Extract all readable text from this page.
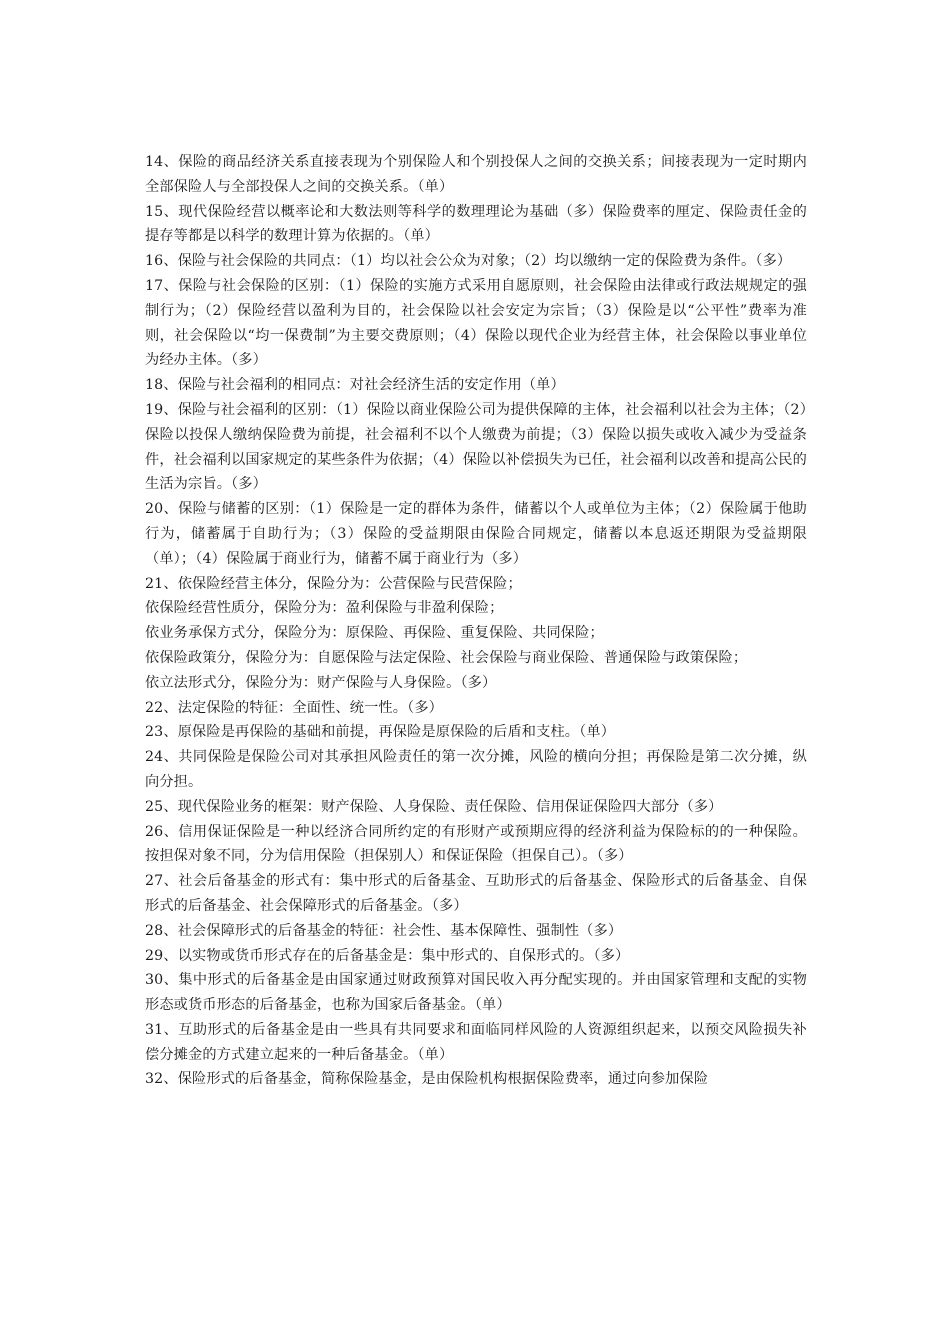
14、保险的商品经济关系直接表现为个别保险人和个别投保人之间的交换关系；间接表现为一定时期内全部保险人与全部投保人之间的交换关系。（单）

15、现代保险经营以概率论和大数法则等科学的数理理论为基础（多）保险费率的厘定、保险责任金的提存等都是以科学的数理计算为依据的。（单）

16、保险与社会保险的共同点：（1）均以社会公众为对象；（2）均以缴纳一定的保险费为条件。（多）

17、保险与社会保险的区别：（1）保险的实施方式采用自愿原则，社会保险由法律或行政法规规定的强制行为；（2）保险经营以盈利为目的，社会保险以社会安定为宗旨；（3）保险是以“公平性”费率为准则，社会保险以“均一保费制”为主要交费原则；（4）保险以现代企业为经营主体，社会保险以事业单位为经办主体。（多）

18、保险与社会福利的相同点：对社会经济生活的安定作用（单）

19、保险与社会福利的区别：（1）保险以商业保险公司为提供保障的主体，社会福利以社会为主体；（2）保险以投保人缴纳保险费为前提，社会福利不以个人缴费为前提；（3）保险以损失或收入减少为受益条件，社会福利以国家规定的某些条件为依据；（4）保险以补偿损失为已任，社会福利以改善和提高公民的生活为宗旨。（多）

20、保险与储蓄的区别：（1）保险是一定的群体为条件，储蓄以个人或单位为主体；（2）保险属于他助行为，储蓄属于自助行为；（3）保险的受益期限由保险合同规定，储蓄以本息返还期限为受益期限（单）；（4）保险属于商业行为，储蓄不属于商业行为（多）

21、依保险经营主体分，保险分为：公营保险与民营保险；

依保险经营性质分，保险分为：盈利保险与非盈利保险；

依业务承保方式分，保险分为：原保险、再保险、重复保险、共同保险；

依保险政策分，保险分为：自愿保险与法定保险、社会保险与商业保险、普通保险与政策保险；

依立法形式分，保险分为：财产保险与人身保险。（多）

22、法定保险的特征：全面性、统一性。（多）

23、原保险是再保险的基础和前提，再保险是原保险的后盾和支柱。（单）

24、共同保险是保险公司对其承担风险责任的第一次分摊，风险的横向分担；再保险是第二次分摊，纵向分担。

25、现代保险业务的框架：财产保险、人身保险、责任保险、信用保证保险四大部分（多）

26、信用保证保险是一种以经济合同所约定的有形财产或预期应得的经济利益为保险标的的一种保险。按担保对象不同，分为信用保险（担保别人）和保证保险（担保自己）。（多）

27、社会后备基金的形式有：集中形式的后备基金、互助形式的后备基金、保险形式的后备基金、自保形式的后备基金、社会保障形式的后备基金。（多）

28、社会保障形式的后备基金的特征：社会性、基本保障性、强制性（多）

29、以实物或货币形式存在的后备基金是：集中形式的、自保形式的。（多）

30、集中形式的后备基金是由国家通过财政预算对国民收入再分配实现的。并由国家管理和支配的实物形态或货币形态的后备基金，也称为国家后备基金。（单）

31、互助形式的后备基金是由一些具有共同要求和面临同样风险的人资源组织起来，以预交风险损失补偿分摊金的方式建立起来的一种后备基金。（单）

32、保险形式的后备基金，简称保险基金，是由保险机构根据保险费率，通过向参加保险
